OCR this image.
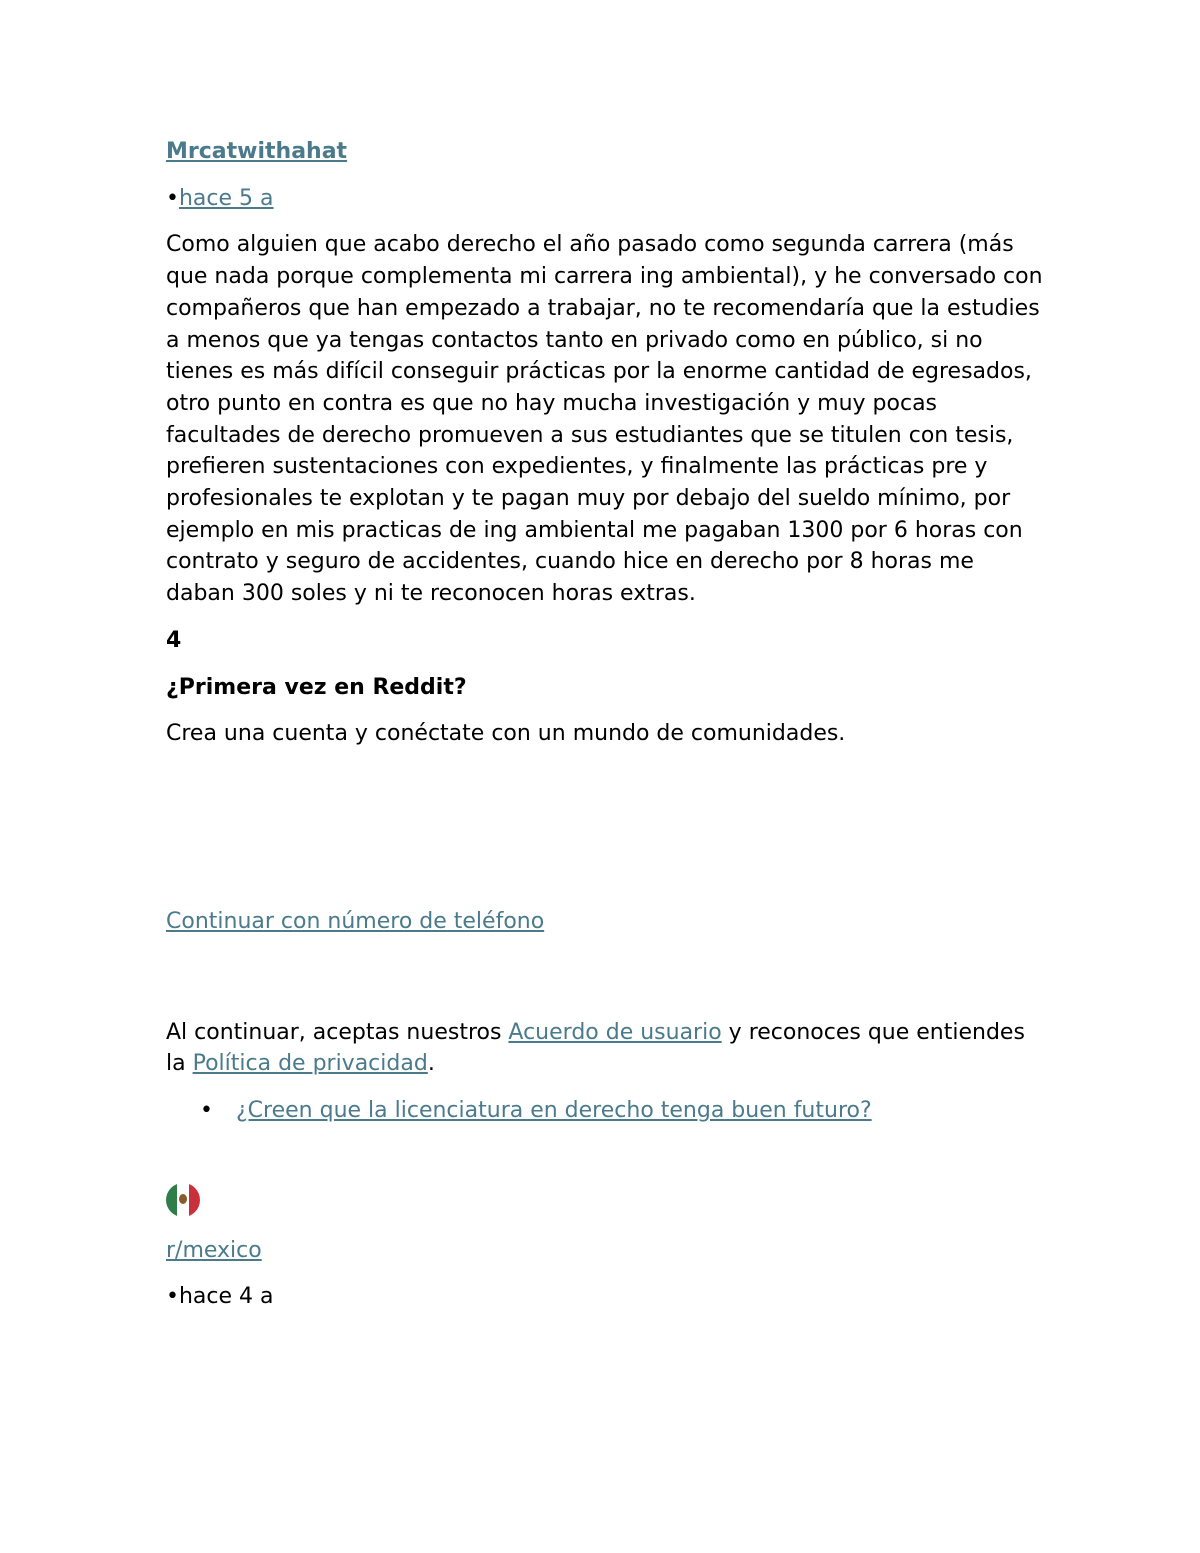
Mrcatwithahat
•hace 5 a
Como alguien que acabo derecho el año pasado como segunda carrera (más que nada porque complementa mi carrera ing ambiental), y he conversado con compañeros que han empezado a trabajar, no te recomendaría que la estudies a menos que ya tengas contactos tanto en privado como en público, si no tienes es más difícil conseguir prácticas por la enorme cantidad de egresados, otro punto en contra es que no hay mucha investigación y muy pocas facultades de derecho promueven a sus estudiantes que se titulen con tesis, prefieren sustentaciones con expedientes, y finalmente las prácticas pre y profesionales te explotan y te pagan muy por debajo del sueldo mínimo, por ejemplo en mis practicas de ing ambiental me pagaban 1300 por 6 horas con contrato y seguro de accidentes, cuando hice en derecho por 8 horas me daban 300 soles y ni te reconocen horas extras.
4
¿Primera vez en Reddit?
Crea una cuenta y conéctate con un mundo de comunidades.
Continuar con número de teléfono
Al continuar, aceptas nuestros Acuerdo de usuario y reconoces que entiendes la Política de privacidad.
• ¿Creen que la licenciatura en derecho tenga buen futuro?
r/mexico
•hace 4 a
